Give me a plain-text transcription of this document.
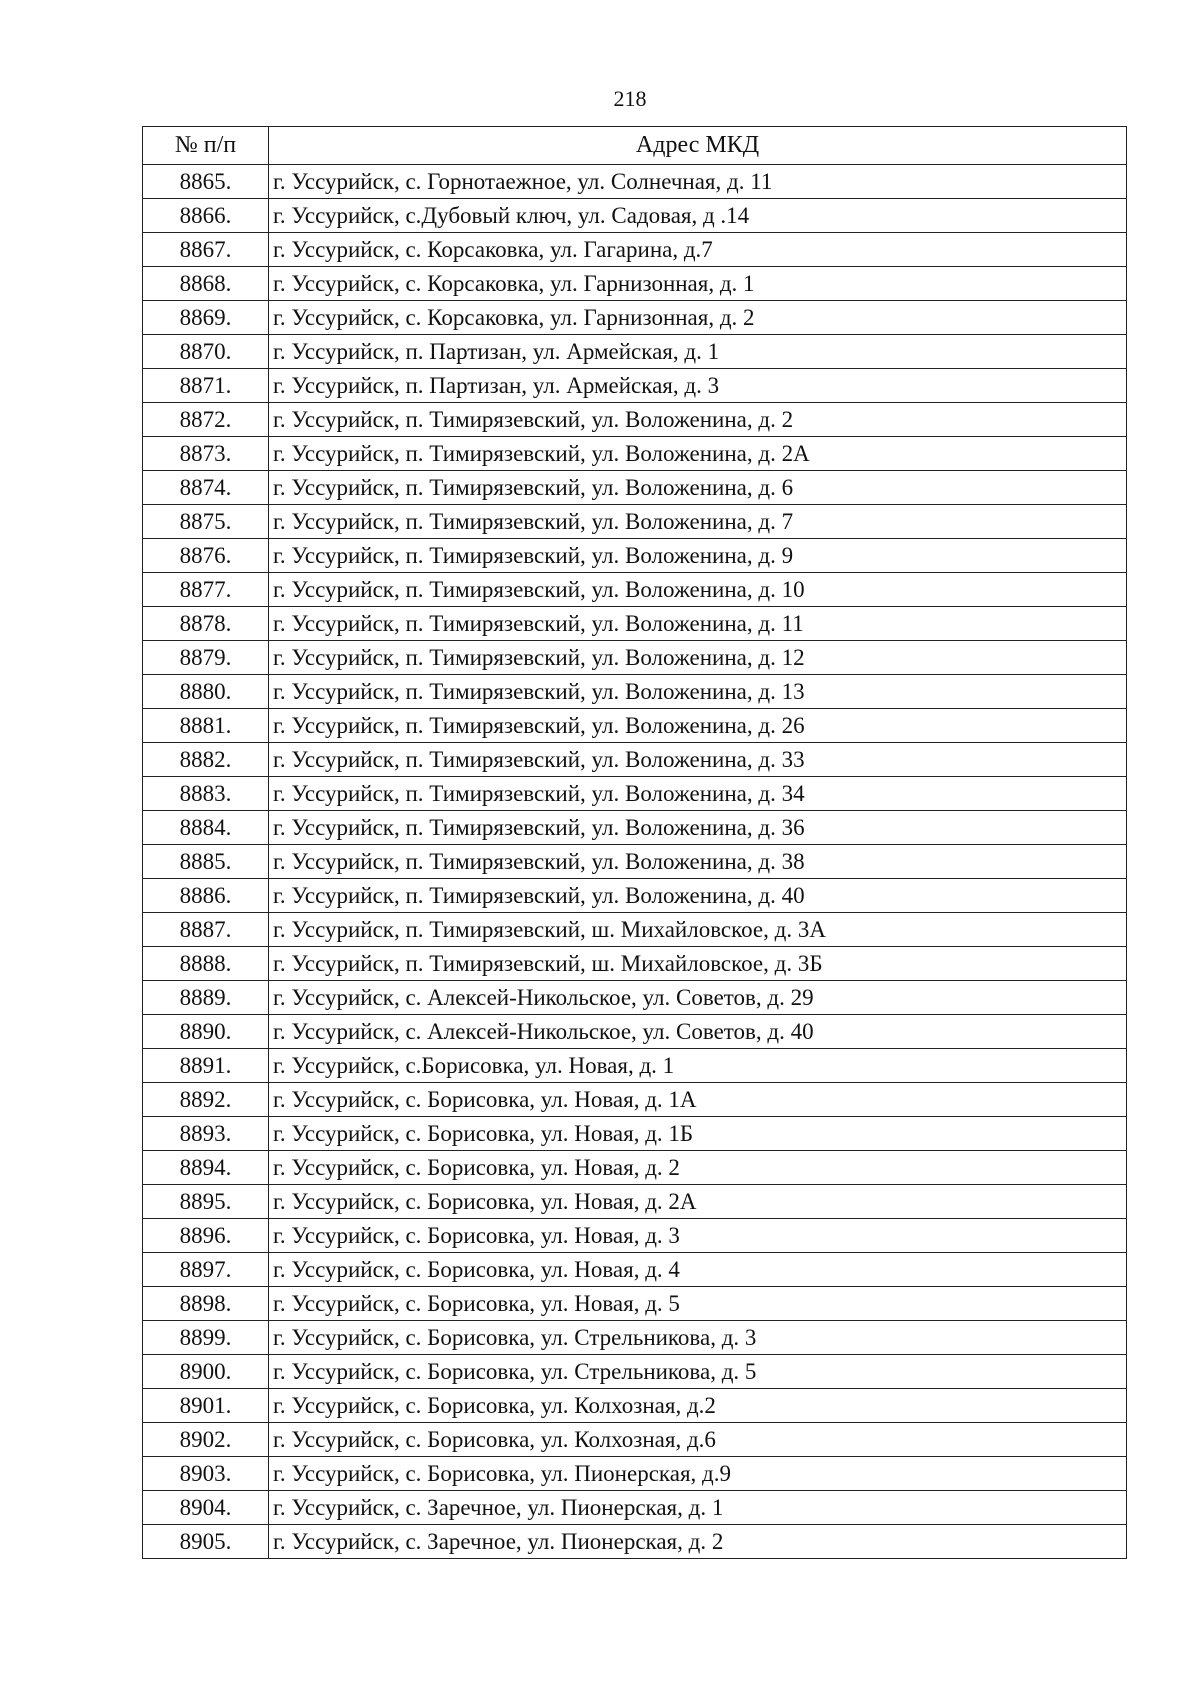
218
№ п/п	Адрес МКД
8865.	г. Уссурийск, с. Горнотаежное, ул. Солнечная, д. 11
8866.	г. Уссурийск, с.Дубовый ключ, ул. Садовая, д .14
8867.	г. Уссурийск, с. Корсаковка, ул. Гагарина, д.7
8868.	г. Уссурийск, с. Корсаковка, ул. Гарнизонная, д. 1
8869.	г. Уссурийск, с. Корсаковка, ул. Гарнизонная, д. 2
8870.	г. Уссурийск, п. Партизан, ул. Армейская, д. 1
8871.	г. Уссурийск, п. Партизан, ул. Армейская, д. 3
8872.	г. Уссурийск, п. Тимирязевский, ул. Воложенина, д. 2
8873.	г. Уссурийск, п. Тимирязевский, ул. Воложенина, д. 2А
8874.	г. Уссурийск, п. Тимирязевский, ул. Воложенина, д. 6
8875.	г. Уссурийск, п. Тимирязевский, ул. Воложенина, д. 7
8876.	г. Уссурийск, п. Тимирязевский, ул. Воложенина, д. 9
8877.	г. Уссурийск, п. Тимирязевский, ул. Воложенина, д. 10
8878.	г. Уссурийск, п. Тимирязевский, ул. Воложенина, д. 11
8879.	г. Уссурийск, п. Тимирязевский, ул. Воложенина, д. 12
8880.	г. Уссурийск, п. Тимирязевский, ул. Воложенина, д. 13
8881.	г. Уссурийск, п. Тимирязевский, ул. Воложенина, д. 26
8882.	г. Уссурийск, п. Тимирязевский, ул. Воложенина, д. 33
8883.	г. Уссурийск, п. Тимирязевский, ул. Воложенина, д. 34
8884.	г. Уссурийск, п. Тимирязевский, ул. Воложенина, д. 36
8885.	г. Уссурийск, п. Тимирязевский, ул. Воложенина, д. 38
8886.	г. Уссурийск, п. Тимирязевский, ул. Воложенина, д. 40
8887.	г. Уссурийск, п. Тимирязевский, ш. Михайловское, д. 3А
8888.	г. Уссурийск, п. Тимирязевский, ш. Михайловское, д. 3Б
8889.	г. Уссурийск, с. Алексей-Никольское, ул. Советов, д. 29
8890.	г. Уссурийск, с. Алексей-Никольское, ул. Советов, д. 40
8891.	г. Уссурийск, с.Борисовка, ул. Новая, д. 1
8892.	г. Уссурийск, с. Борисовка, ул. Новая, д. 1А
8893.	г. Уссурийск, с. Борисовка, ул. Новая, д. 1Б
8894.	г. Уссурийск, с. Борисовка, ул. Новая, д. 2
8895.	г. Уссурийск, с. Борисовка, ул. Новая, д. 2А
8896.	г. Уссурийск, с. Борисовка, ул. Новая, д. 3
8897.	г. Уссурийск, с. Борисовка, ул. Новая, д. 4
8898.	г. Уссурийск, с. Борисовка, ул. Новая, д. 5
8899.	г. Уссурийск, с. Борисовка, ул. Стрельникова, д. 3
8900.	г. Уссурийск, с. Борисовка, ул. Стрельникова, д. 5
8901.	г. Уссурийск, с. Борисовка, ул. Колхозная, д.2
8902.	г. Уссурийск, с. Борисовка, ул. Колхозная, д.6
8903.	г. Уссурийск, с. Борисовка, ул. Пионерская, д.9
8904.	г. Уссурийск, с. Заречное, ул. Пионерская, д. 1
8905.	г. Уссурийск, с. Заречное, ул. Пионерская, д. 2
